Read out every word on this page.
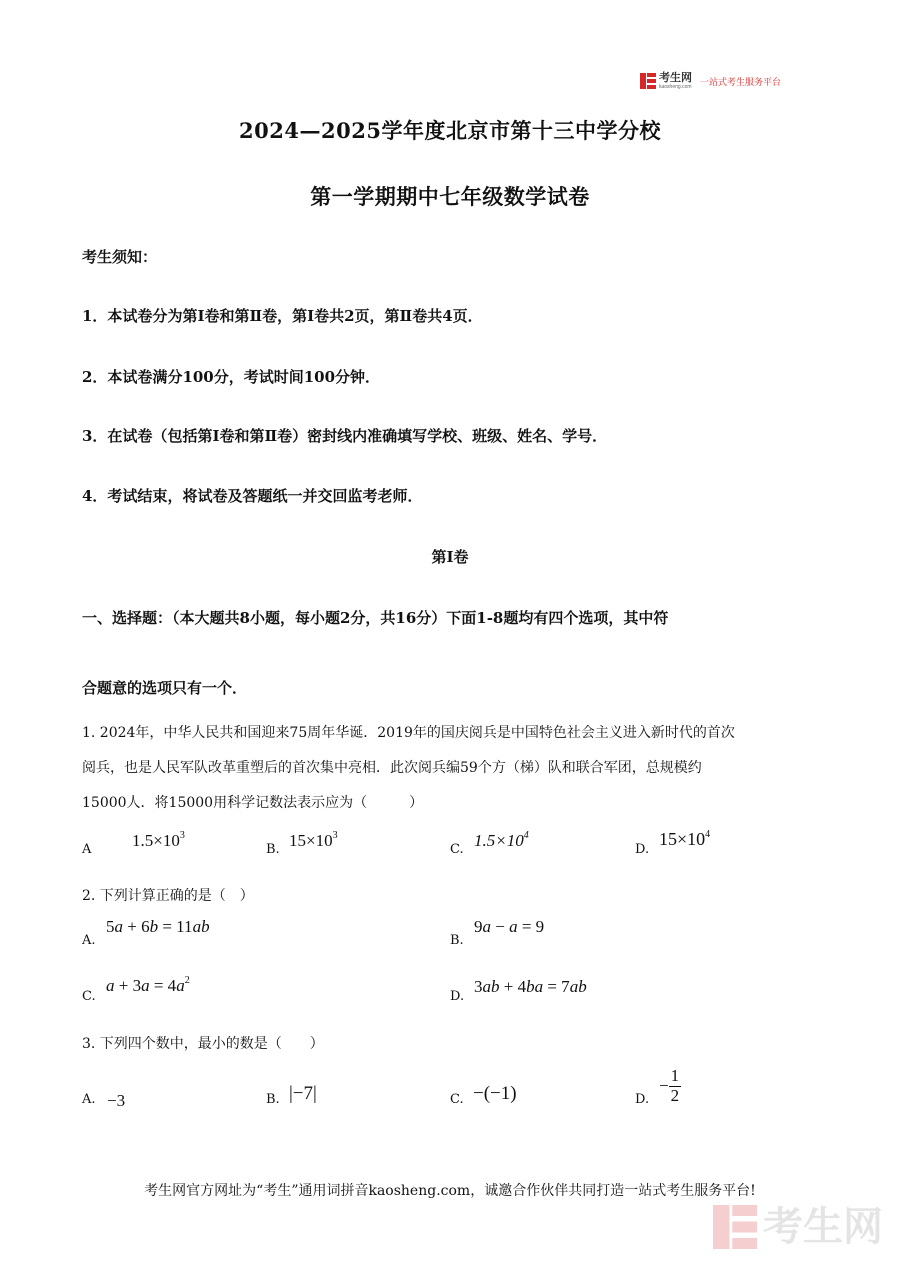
考生网
kaosheng.com 一站式考生服务平台
2024—2025学年度北京市第十三中学分校
第一学期期中七年级数学试卷
考生须知：
1．本试卷分为第Ⅰ卷和第Ⅱ卷，第Ⅰ卷共2页，第Ⅱ卷共4页．
2．本试卷满分100分，考试时间100分钟．
3．在试卷（包括第Ⅰ卷和第Ⅱ卷）密封线内准确填写学校、班级、姓名、学号．
4．考试结束，将试卷及答题纸一并交回监考老师．
第Ⅰ卷
一、选择题：（本大题共8小题，每小题2分，共16分）下面1-8题均有四个选项，其中符
合题意的选项只有一个．
1. 2024年，中华人民共和国迎来75周年华诞．2019年的国庆阅兵是中国特色社会主义进入新时代的首次
阅兵，也是人民军队改革重塑后的首次集中亮相．此次阅兵编59个方（梯）队和联合军团，总规模约
15000人．将15000用科学记数法表示应为（　　　）
A $1.5\times 10^3$
B. $15\times 10^3$
C. $1.5\times 10^4$
D.
$15\times 10^4$
2. 下列计算正确的是（　）
A.
5a + 6b = 11ab
B.
9a − a = 9
C.
$a + 3a = 4a^2$
D.
3ab + 4ba = 7ab
3. 下列四个数中，最小的数是（　　）
A. −3	B. |−7|	C. −(−1)	D.
− $\frac{1}{2}$
考生网官方网址为“考生”通用词拼音kaosheng.com，诚邀合作伙伴共同打造一站式考生服务平台!
考生网
